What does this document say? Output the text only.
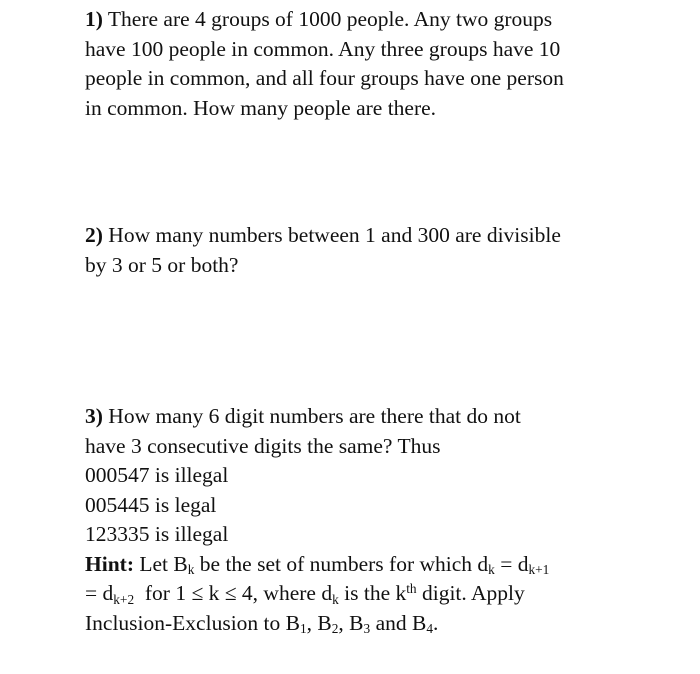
1) There are 4 groups of 1000 people. Any two groups
have 100 people in common. Any three groups have 10
people in common, and all four groups have one person
in common. How many people are there.
2) How many numbers between 1 and 300 are divisible
by 3 or 5 or both?
3) How many 6 digit numbers are there that do not
have 3 consecutive digits the same? Thus
000547 is illegal
005445 is legal
123335 is illegal
Hint: Let $B_k$ be the set of numbers for which $d_k = d_{k+1}$
= $d_{k+2}$  for 1 ≤ k ≤ 4, where $d_k$ is the $k^{th}$ digit. Apply
Inclusion-Exclusion to $B_1$, $B_2$, $B_3$ and $B_4$.
